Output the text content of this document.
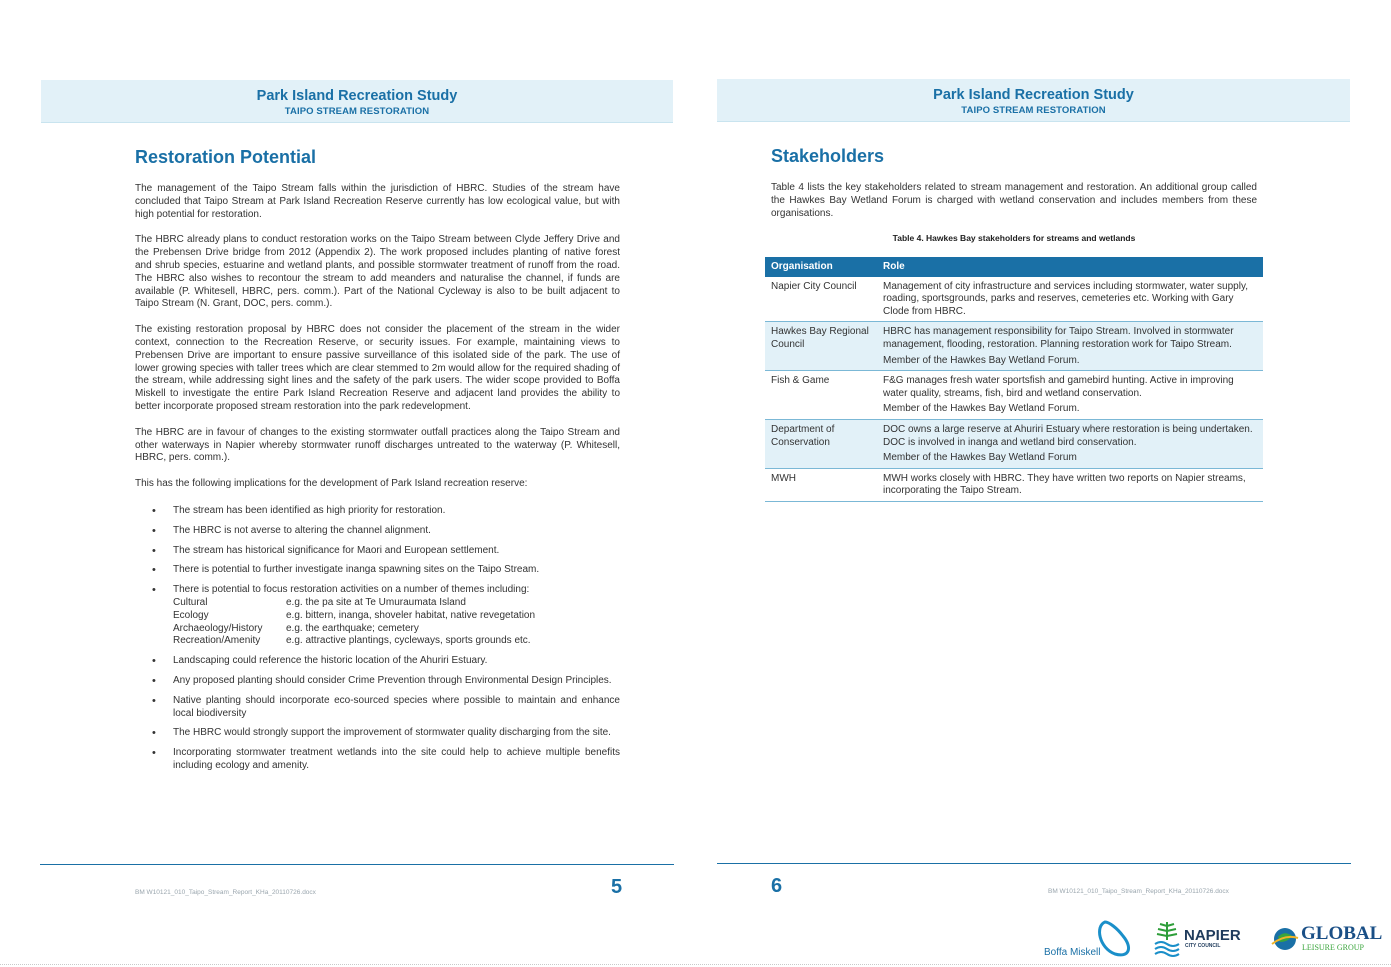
Park Island Recreation Study
TAIPO STREAM RESTORATION
Restoration Potential

The management of the Taipo Stream falls within the jurisdiction of HBRC. Studies of the stream have concluded that Taipo Stream at Park Island Recreation Reserve currently has low ecological value, but with high potential for restoration.

The HBRC already plans to conduct restoration works on the Taipo Stream between Clyde Jeffery Drive and the Prebensen Drive bridge from 2012 (Appendix 2). The work proposed includes planting of native forest and shrub species, estuarine and wetland plants, and possible stormwater treatment of runoff from the road. The HBRC also wishes to recontour the stream to add meanders and naturalise the channel, if funds are available (P. Whitesell, HBRC, pers. comm.). Part of the National Cycleway is also to be built adjacent to Taipo Stream (N. Grant, DOC, pers. comm.).

The existing restoration proposal by HBRC does not consider the placement of the stream in the wider context, connection to the Recreation Reserve, or security issues. For example, maintaining views to Prebensen Drive are important to ensure passive surveillance of this isolated side of the park. The use of lower growing species with taller trees which are clear stemmed to 2m would allow for the required shading of the stream, while addressing sight lines and the safety of the park users. The wider scope provided to Boffa Miskell to investigate the entire Park Island Recreation Reserve and adjacent land provides the ability to better incorporate proposed stream restoration into the park redevelopment.

The HBRC are in favour of changes to the existing stormwater outfall practices along the Taipo Stream and other waterways in Napier whereby stormwater runoff discharges untreated to the waterway (P. Whitesell, HBRC, pers. comm.).

This has the following implications for the development of Park Island recreation reserve:

• The stream has been identified as high priority for restoration.
• The HBRC is not averse to altering the channel alignment.
• The stream has historical significance for Maori and European settlement.
• There is potential to further investigate inanga spawning sites on the Taipo Stream.
• There is potential to focus restoration activities on a number of themes including:
Cultural	e.g. the pa site at Te Umuraumata Island
Ecology	e.g. bittern, inanga, shoveler habitat, native revegetation
Archaeology/History	e.g. the earthquake; cemetery
Recreation/Amenity	e.g. attractive plantings, cycleways, sports grounds etc.
• Landscaping could reference the historic location of the Ahuriri Estuary.
• Any proposed planting should consider Crime Prevention through Environmental Design Principles.
• Native planting should incorporate eco-sourced species where possible to maintain and enhance local biodiversity
• The HBRC would strongly support the improvement of stormwater quality discharging from the site.
• Incorporating stormwater treatment wetlands into the site could help to achieve multiple benefits including ecology and amenity.
BM W10121_010_Taipo_Stream_Report_KHa_20110726.docx	5
Park Island Recreation Study
TAIPO STREAM RESTORATION
Stakeholders

Table 4 lists the key stakeholders related to stream management and restoration. An additional group called the Hawkes Bay Wetland Forum is charged with wetland conservation and includes members from these organisations.

Table 4. Hawkes Bay stakeholders for streams and wetlands
Organisation	Role
Napier City Council	Management of city infrastructure and services including stormwater, water supply, roading, sportsgrounds, parks and reserves, cemeteries etc. Working with Gary Clode from HBRC.

Hawkes Bay Regional Council	HBRC has management responsibility for Taipo Stream. Involved in stormwater management, flooding, restoration. Planning restoration work for Taipo Stream.

Member of the Hawkes Bay Wetland Forum.

Fish & Game	F&G manages fresh water sportsfish and gamebird hunting. Active in improving water quality, streams, fish, bird and wetland conservation.

Member of the Hawkes Bay Wetland Forum.

Department of Conservation	DOC owns a large reserve at Ahuriri Estuary where restoration is being undertaken.

DOC is involved in inanga and wetland bird conservation.

Member of the Hawkes Bay Wetland Forum

MWH	MWH works closely with HBRC. They have written two reports on Napier streams, incorporating the Taipo Stream.

6	BM W10121_010_Taipo_Stream_Report_KHa_20110726.docx
Boffa Miskell
NAPIER
CITY COUNCIL
GLOBAL
LEISURE GROUP
